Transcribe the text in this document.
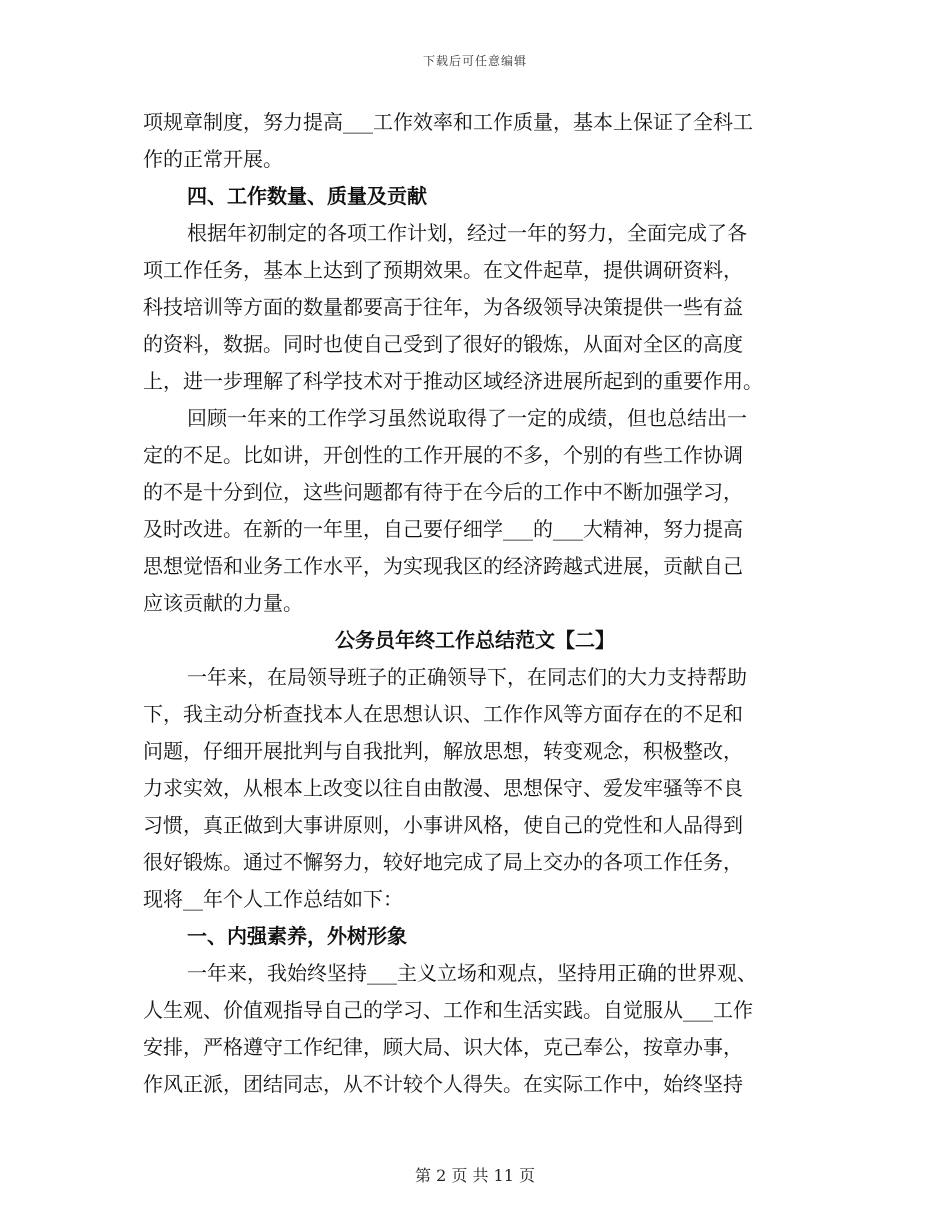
下载后可任意编辑
项规章制度，努力提高___工作效率和工作质量，基本上保证了全科工
作的正常开展。
四、工作数量、质量及贡献
根据年初制定的各项工作计划，经过一年的努力，全面完成了各
项工作任务，基本上达到了预期效果。在文件起草，提供调研资料，
科技培训等方面的数量都要高于往年，为各级领导决策提供一些有益
的资料，数据。同时也使自己受到了很好的锻炼，从面对全区的高度
上，进一步理解了科学技术对于推动区域经济进展所起到的重要作用。
回顾一年来的工作学习虽然说取得了一定的成绩，但也总结出一
定的不足。比如讲，开创性的工作开展的不多，个别的有些工作协调
的不是十分到位，这些问题都有待于在今后的工作中不断加强学习，
及时改进。在新的一年里，自己要仔细学___的___大精神，努力提高
思想觉悟和业务工作水平，为实现我区的经济跨越式进展，贡献自己
应该贡献的力量。
公务员年终工作总结范文【二】
一年来，在局领导班子的正确领导下，在同志们的大力支持帮助
下，我主动分析查找本人在思想认识、工作作风等方面存在的不足和
问题，仔细开展批判与自我批判，解放思想，转变观念，积极整改，
力求实效，从根本上改变以往自由散漫、思想保守、爱发牢骚等不良
习惯，真正做到大事讲原则，小事讲风格，使自己的党性和人品得到
很好锻炼。通过不懈努力，较好地完成了局上交办的各项工作任务，
现将__年个人工作总结如下：
一、内强素养，外树形象
一年来，我始终坚持___主义立场和观点，坚持用正确的世界观、
人生观、价值观指导自己的学习、工作和生活实践。自觉服从___工作
安排，严格遵守工作纪律，顾大局、识大体，克己奉公，按章办事，
作风正派，团结同志，从不计较个人得失。在实际工作中，始终坚持
第 2 页 共 11 页
